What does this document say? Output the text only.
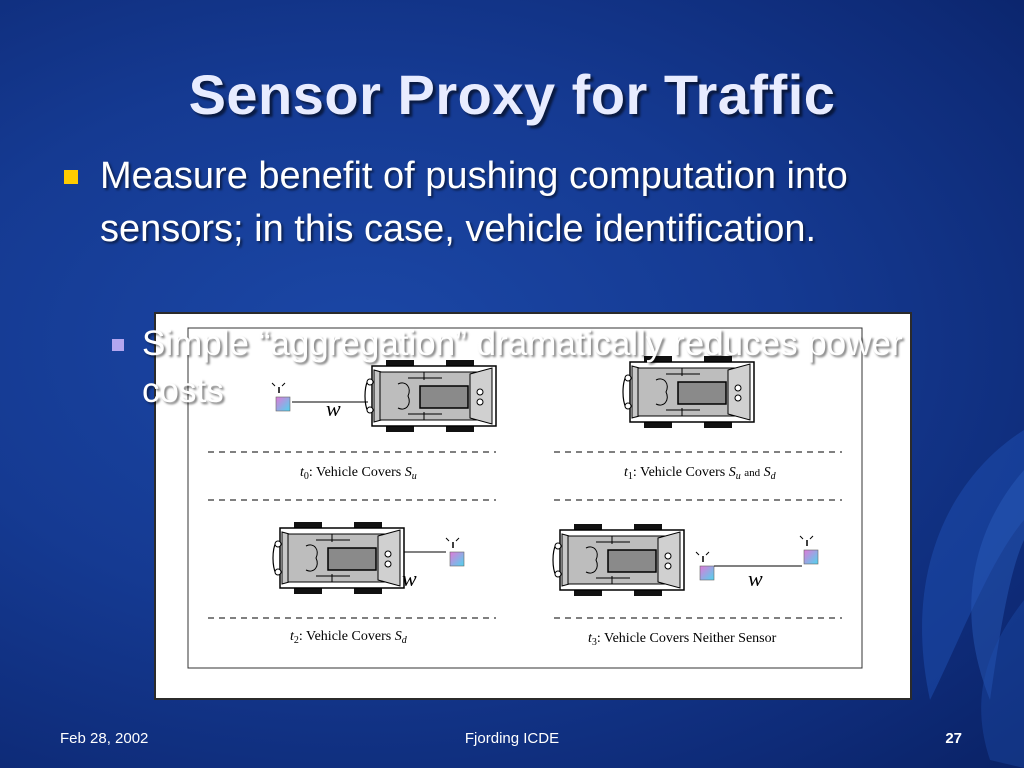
Sensor Proxy for Traffic
Measure benefit of pushing computation into sensors; in this case, vehicle identification.
w
w	w
$t_0$: Vehicle Covers $S_u$	$t_1$: Vehicle Covers $S_u$ and $S_d$
$t_2$: Vehicle Covers $S_d$	$t_3$: Vehicle Covers Neither Sensor
Simple “aggregation” dramatically reduces power costs
Feb 28, 2002	Fjording ICDE	27
